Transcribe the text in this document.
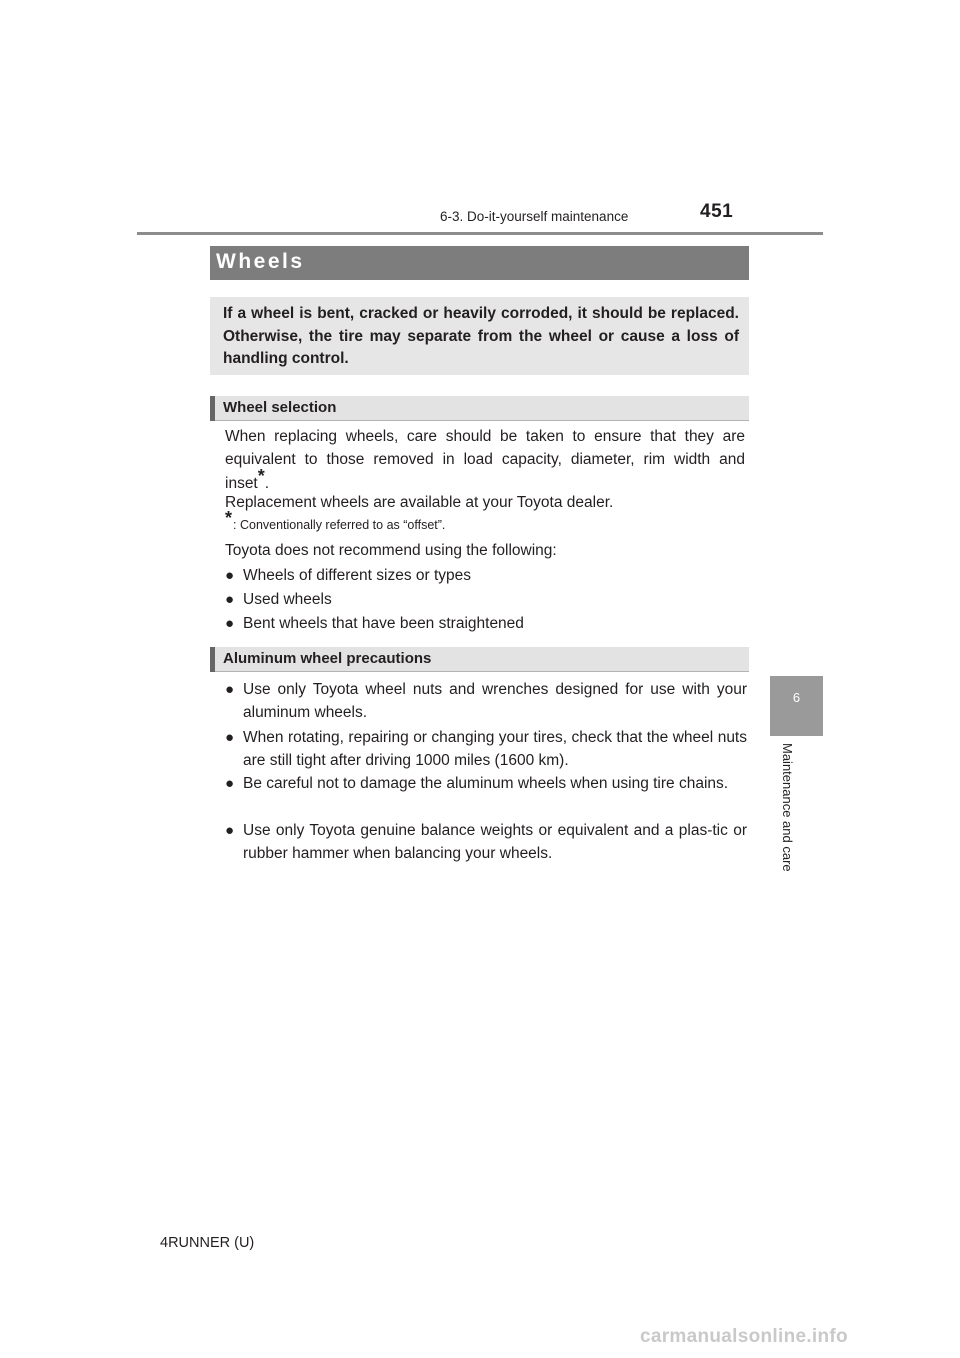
6-3. Do-it-yourself maintenance	451
6
Maintenance and care
Wheels
If a wheel is bent, cracked or heavily corroded, it should be replaced. Otherwise, the tire may separate from the wheel or cause a loss of handling control.
Wheel selection
When replacing wheels, care should be taken to ensure that they are
equivalent to those removed in load capacity, diameter, rim width and
inset*.
Replacement wheels are available at your Toyota dealer.
*: Conventionally referred to as “offset”.
Toyota does not recommend using the following:
● Wheels of different sizes or types
● Used wheels
● Bent wheels that have been straightened
Aluminum wheel precautions
● Use only Toyota wheel nuts and wrenches designed for use with your aluminum wheels.
● When rotating, repairing or changing your tires, check that the wheel nuts are still tight after driving 1000 miles (1600 km).
● Be careful not to damage the aluminum wheels when using tire chains.
● Use only Toyota genuine balance weights or equivalent and a plas-tic or rubber hammer when balancing your wheels.
4RUNNER (U)
carmanualsonline.info
